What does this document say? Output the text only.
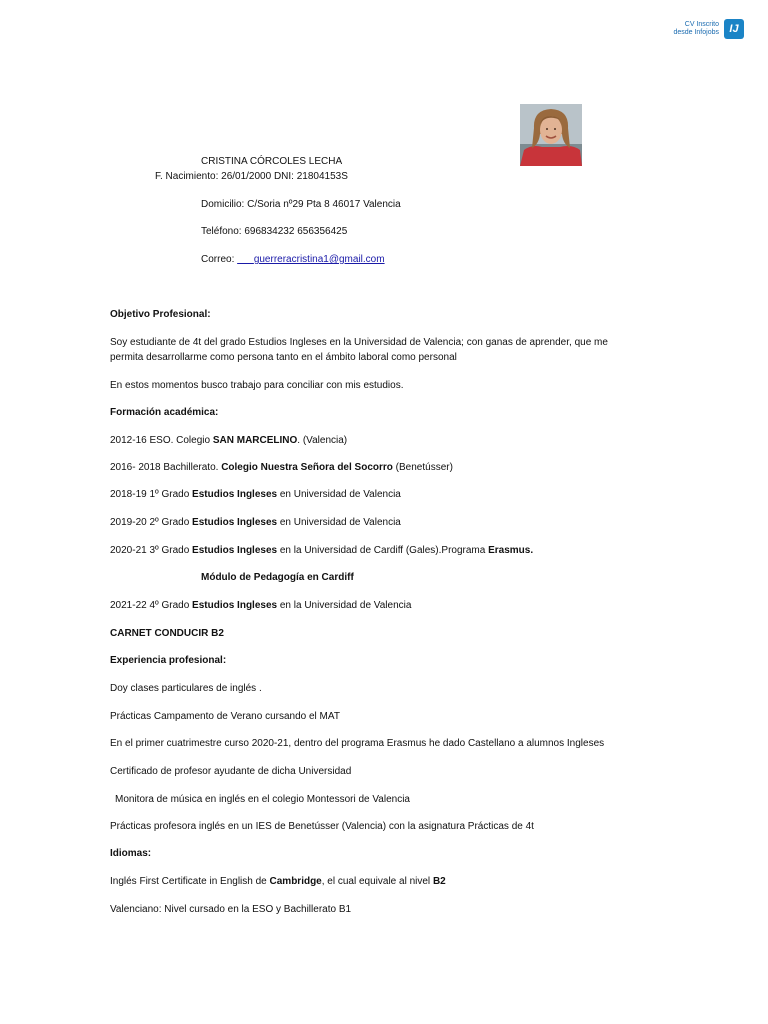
CV Inscrito
desde Infojobs IJ
CRISTINA CÓRCOLES LECHA
F. Nacimiento: 26/01/2000 DNI: 21804153S
Domicilio: C/Soria nº29 Pta 8 46017 Valencia
Teléfono: 696834232 656356425
Correo: guerreracristina1@gmail.com
Objetivo Profesional:
Soy estudiante de 4t del grado Estudios Ingleses en la Universidad de Valencia; con ganas de aprender, que me
permita desarrollarme como persona tanto en el ámbito laboral como personal
En estos momentos busco trabajo para conciliar con mis estudios.
Formación académica:
2012-16 ESO. Colegio SAN MARCELINO. (Valencia)
2016- 2018 Bachillerato. Colegio Nuestra Señora del Socorro (Benetússer)
2018-19 1º Grado Estudios Ingleses en Universidad de Valencia
2019-20 2º Grado Estudios Ingleses en Universidad de Valencia
2020-21 3º Grado Estudios Ingleses en la Universidad de Cardiff (Gales).Programa Erasmus.
Módulo de Pedagogía en Cardiff
2021-22 4º Grado Estudios Ingleses en la Universidad de Valencia
CARNET CONDUCIR B2
Experiencia profesional:
Doy clases particulares de inglés .
Prácticas Campamento de Verano cursando el MAT
En el primer cuatrimestre curso 2020-21, dentro del programa Erasmus he dado Castellano a alumnos Ingleses
Certificado de profesor ayudante de dicha Universidad
Monitora de música en inglés en el colegio Montessori de Valencia
Prácticas profesora inglés en un IES de Benetússer (Valencia) con la asignatura Prácticas de 4t
Idiomas:
Inglés First Certificate in English de Cambridge, el cual equivale al nivel B2
Valenciano: Nivel cursado en la ESO y Bachillerato B1
